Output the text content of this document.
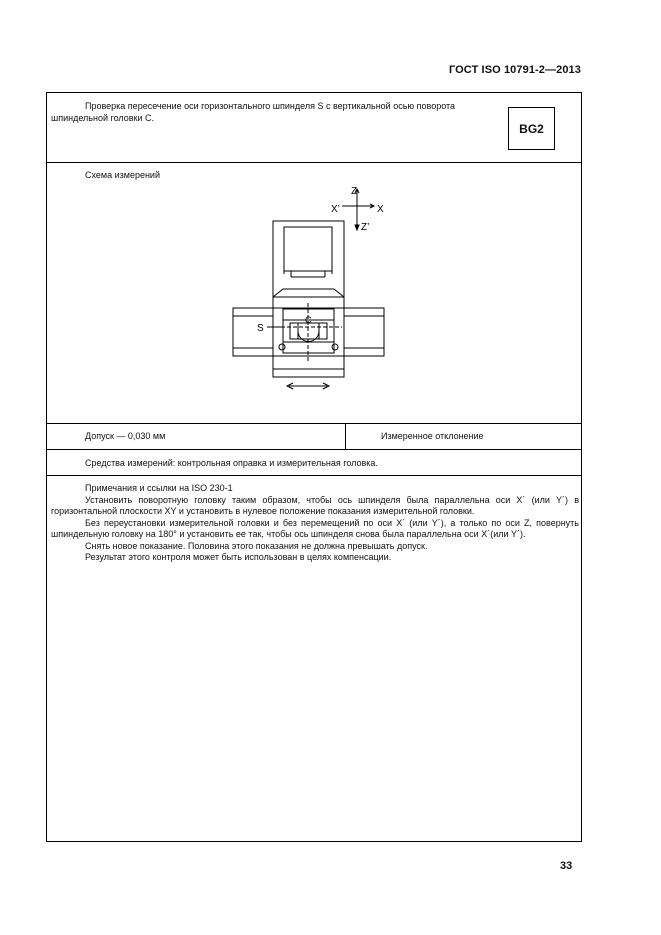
ГОСТ ISO 10791-2—2013
Проверка пересечение оси горизонтального шпинделя S с вертикальной осью поворота шпиндельной головки С.
BG2
Схема измерений
Z
X’	X
Z’
S
C
Допуск — 0,030 мм	Измеренное отклонение
Средства измерений: контрольная оправка и измерительная головка.

Примечания и ссылки на ISO 230-1

Установить поворотную головку таким образом, чтобы ось шпинделя была параллельна оси X´ (или Y´) в горизонтальной плоскости XY и установить в нулевое положение показания измерительной головки.

Без переустановки измерительной головки и без перемещений по оси X´ (или Y´), а только по оси Z, повернуть шпиндельную головку на 180° и установить ее так, чтобы ось шпинделя снова была параллельна оси X´(или Y´).

Снять новое показание. Половина этого показания не должна превышать допуск.

Результат этого контроля может быть использован в целях компенсации.

33
